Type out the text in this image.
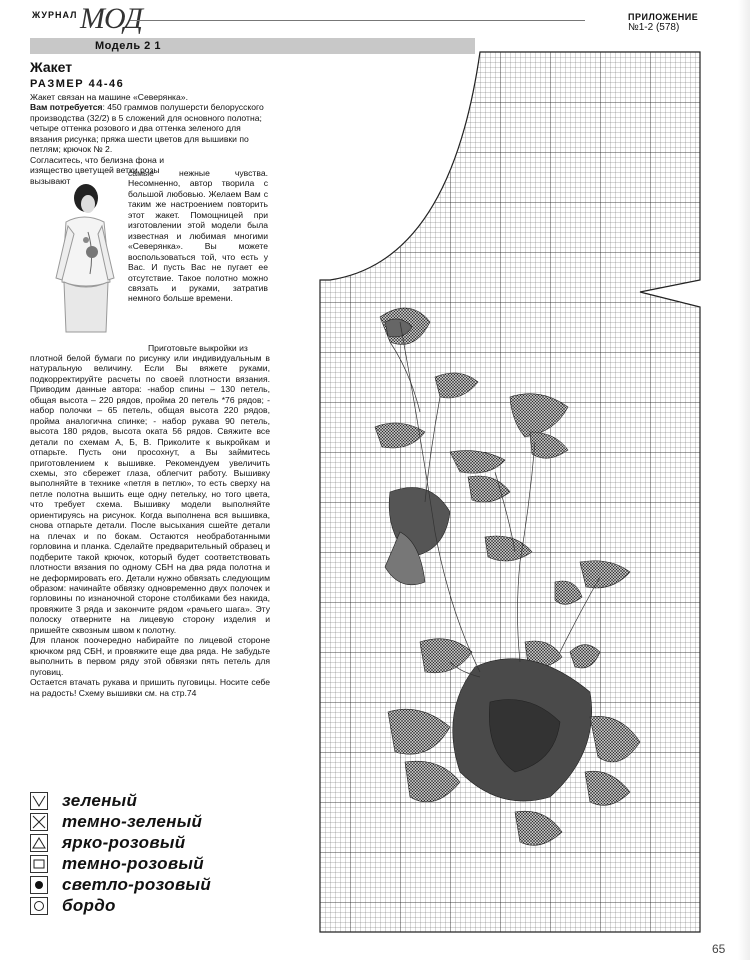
ЖУРНАЛ МОД	ПРИЛОЖЕНИЕ
№1-2 (578)
Модель 2 1
Жакет
РАЗМЕР 44-46
Жакет связан на машине «Северянка».
Вам потребуется: 450 граммов полушерсти белорусского производства (32/2) в 5 сложений для основного полотна; четыре оттенка розового и два оттенка зеленого для вязания рисунка; пряжа шести цветов для вышивки по петлям; крючок № 2.
Согласитесь, что белизна фона и изящество цветущей ветки розы вызывают
самые нежные чувства. Несомненно, автор творила с большой любовью. Желаем Вам с таким же настроением повторить этот жакет. Помощницей при изготовлении этой модели была известная и любимая многими «Северянка». Вы можете воспользоваться той, что есть у Вас. И пусть Вас не пугает ее отсутствие. Такое полотно можно связать и руками, затратив немного больше времени.
Приготовьте выкройки из
плотной белой бумаги по рисунку или индивидуальным в натуральную величину. Если Вы вяжете руками, подкорректируйте расчеты по своей плотности вязания. Приводим данные автора: -набор спины – 130 петель, общая высота – 220 рядов, пройма 20 петель *76 рядов; - набор полочки – 65 петель, общая высота 220 рядов, пройма аналогична спинке; - набор рукава 90 петель, высота 180 рядов, высота оката 56 рядов. Свяжите все детали по схемам А, Б, В. Приколите к выкройкам и отпарьте. Пусть они просохнут, а Вы займитесь приготовлением к вышивке. Рекомендуем увеличить схемы, это сбережет глаза, облегчит работу. Вышивку выполняйте в технике «петля в петлю», то есть сверху на петле полотна вышить еще одну петельку, но того цвета, что требует схема. Вышивку модели выполняйте ориентируясь на рисунок. Когда выполнена вся вышивка, снова отпарьте детали. После высыхания сшейте детали на плечах и по бокам. Остаются необработанными горловина и планка. Сделайте предварительный образец и подберите такой крючок, который будет соответствовать плотности вязания по одному СБН на два ряда полотна и не деформировать его. Детали нужно обвязать следующим образом: начинайте обвязку одновременно двух полочек и горловины по изнаночной стороне столбиками без накида, провяжите 3 ряда и закончите рядом «рачьего шага». Эту полоску отверните на лицевую сторону изделия и пришейте сквозным швом к полотну.
Для планок поочередно набирайте по лицевой стороне крючком ряд СБН, и провяжите еще два ряда. Не забудьте выполнить в первом ряду этой обвязки пять петель для пуговиц.
Остается втачать рукава и пришить пуговицы. Носите себе на радость! Схему вышивки см. на стр.74
зеленый
темно-зеленый
ярко-розовый
темно-розовый
светло-розовый
бордо
65
